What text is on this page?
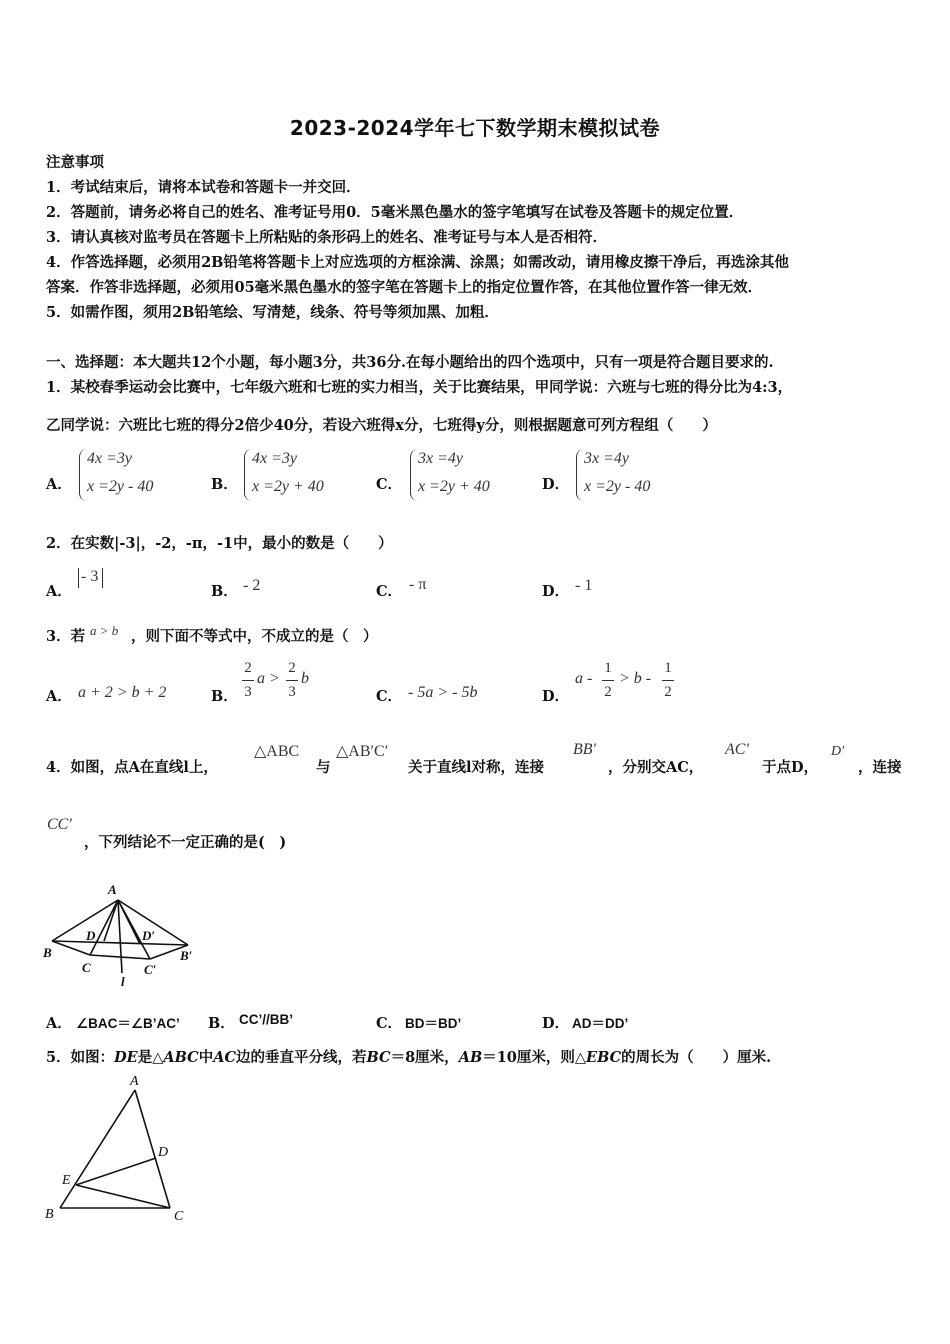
2023-2024学年七下数学期末模拟试卷
注意事项
1．考试结束后，请将本试卷和答题卡一并交回．
2．答题前，请务必将自己的姓名、准考证号用0．5毫米黑色墨水的签字笔填写在试卷及答题卡的规定位置．
3．请认真核对监考员在答题卡上所粘贴的条形码上的姓名、准考证号与本人是否相符．
4．作答选择题，必须用2B铅笔将答题卡上对应选项的方框涂满、涂黑；如需改动，请用橡皮擦干净后，再选涂其他
答案．作答非选择题，必须用05毫米黑色墨水的签字笔在答题卡上的指定位置作答，在其他位置作答一律无效．
5．如需作图，须用2B铅笔绘、写清楚，线条、符号等须加黑、加粗．
一、选择题：本大题共12个小题，每小题3分，共36分.在每小题给出的四个选项中，只有一项是符合题目要求的.
1．某校春季运动会比赛中，七年级六班和七班的实力相当，关于比赛结果，甲同学说：六班与七班的得分比为4:3，
乙同学说：六班比七班的得分2倍少40分，若设六班得x分，七班得y分，则根据题意可列方程组（　　）
A．
4x =3y
x =2y - 40	B．
4x =3y
x =2y + 40	C．
3x =4y
x =2y + 40	D．
3x =4y
x =2y - 40
2．在实数|-3|，-2，-π，-1中，最小的数是（　　）
A．
- 3
B． - 2	C． - π	D． - 1
3．若 a > b ，则下面不等式中，不成立的是（　）
A． a + 2 > b + 2	B．
2
3
a >
2
3
b
C． - 5a > - 5b	D．
a -
1
2
> b -
1
2
4．如图，点A在直线l上，
△ABC
与
△AB′C′
关于直线l对称，连接
BB′
，分别交AC，
AC′
于点D，
D′
，连接
CC′
，下列结论不一定正确的是(　)
A
B
D
C
l
D′
C′
B′
A． ∠BAC＝∠B’AC’ B． CC’//BB’	C． BD＝BD’	D． AD＝DD’
5．如图：DE是△ABC中AC边的垂直平分线，若BC＝8厘米，AB＝10厘米，则△EBC的周长为（　　）厘米.
A
D
E
B	C
